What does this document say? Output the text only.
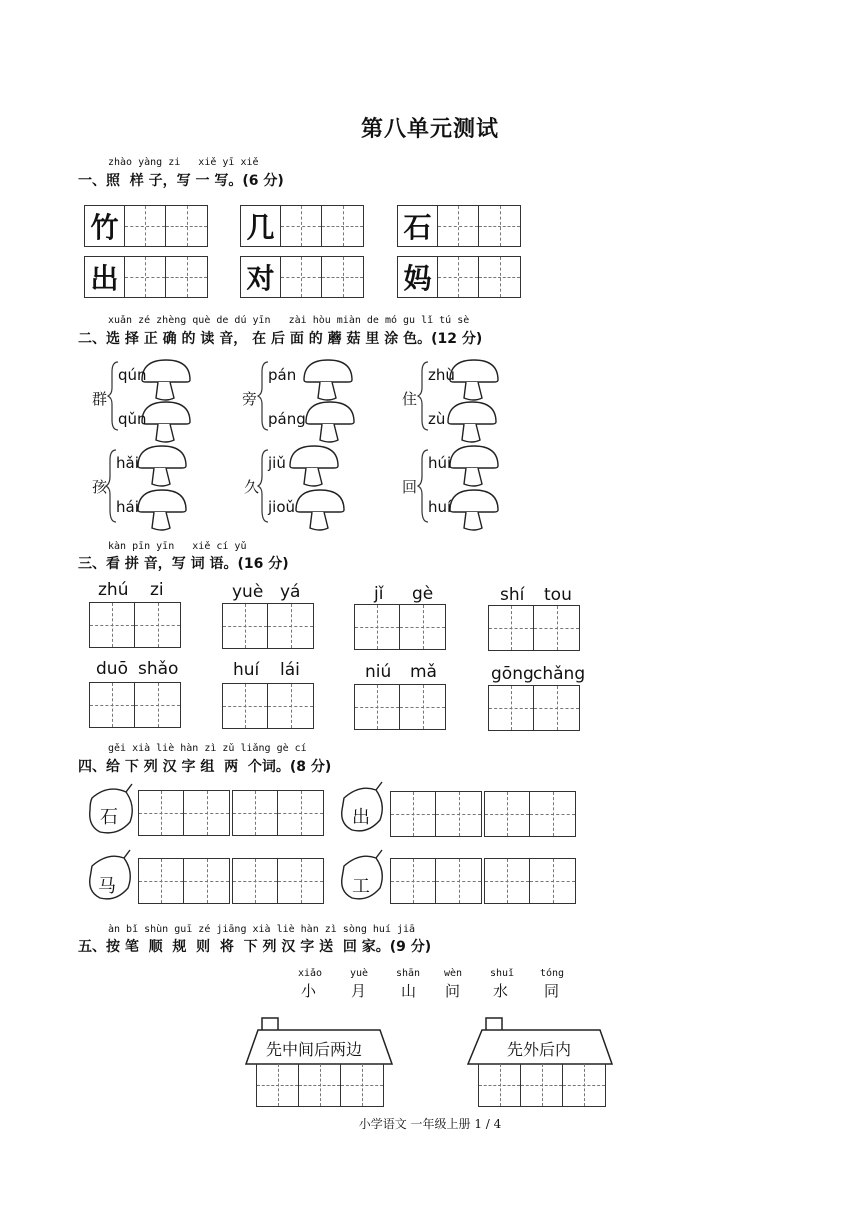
第八单元测试
zhào yàng zi   xiě yī xiě
一、照  样 子，写 一 写。(6 分)
竹	几	石
出	对	妈
xuǎn zé zhèng què de dú yīn   zài hòu miàn de mó gu lǐ tú sè
二、选 择 正 确 的 读 音， 在 后 面 的 蘑 菇 里 涂 色。(12 分)
群
qún
qǔn
旁
pán
páng
住
zhù
zù
孩
hǎi
hái
久
jiǔ
jioǔ
回
húi
huí
kàn pīn yīn   xiě cí yǔ
三、看 拼 音，写 词 语。(16 分)
zhú zi	yuè yá	jǐ gè	shí tou
duō shǎo	huí lái	niú mǎ	gōng chǎng
gěi xià liè hàn zì zǔ liǎng gè cí
四、给 下 列 汉 字 组  两  个词。(8 分)
石	出
马	工
àn bǐ shùn guī zé jiāng xià liè hàn zì sòng huí jiā
五、按 笔  顺  规  则  将  下 列 汉 字 送  回 家。(9 分)
xiǎo
小
yuè
月
shān
山
wèn
问
shuǐ
水
tóng
同
先中间后两边	先外后内
小学语文 一年级上册 1 / 4
